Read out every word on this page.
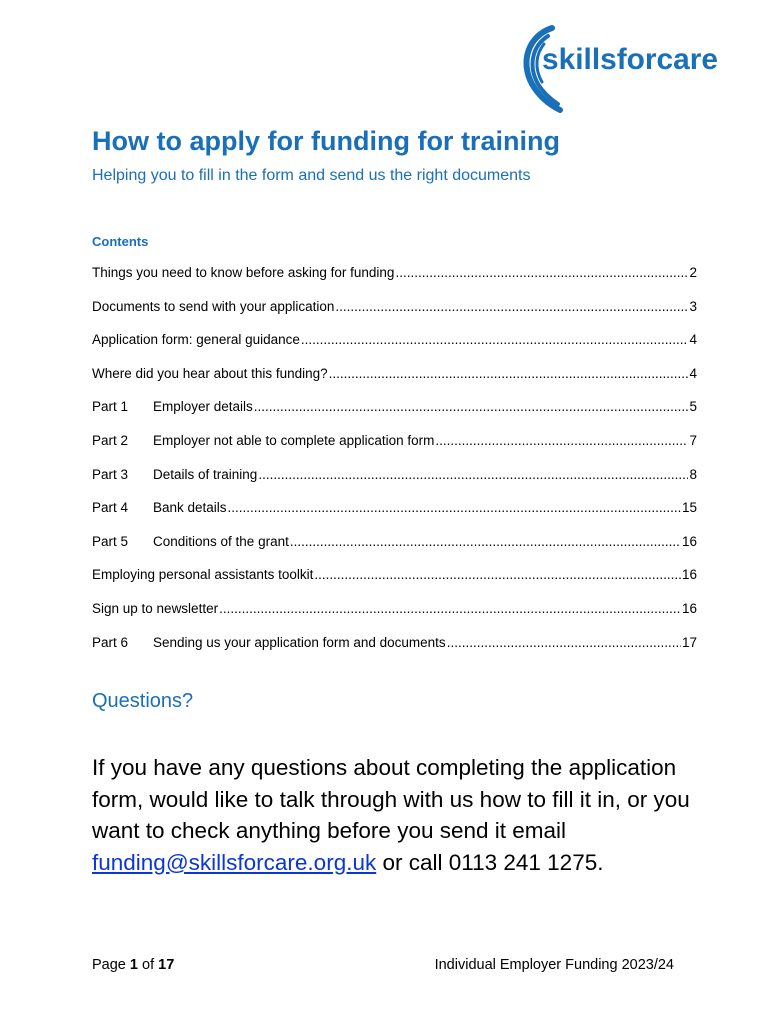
skillsforcare
How to apply for funding for training

Helping you to fill in the form and send us the right documents

Contents

Things you need to know before asking for funding .....	2
Documents to send with your application .....	3
Application form: general guidance .....	4
Where did you hear about this funding? .....	4
Part 1	Employer details .....	5
Part 2	Employer not able to complete application form .....	7
Part 3	Details of training .....	8
Part 4	Bank details .....	15
Part 5	Conditions of the grant .....	16
Employing personal assistants toolkit .....	16
Sign up to newsletter .....	16
Part 6	Sending us your application form and documents .....	17
Questions?

If you have any questions about completing the application form, would like to talk through with us how to fill it in, or you want to check anything before you send it email funding@skillsforcare.org.uk or call 0113 241 1275.

Page 1 of 17	Individual Employer Funding 2023/24
